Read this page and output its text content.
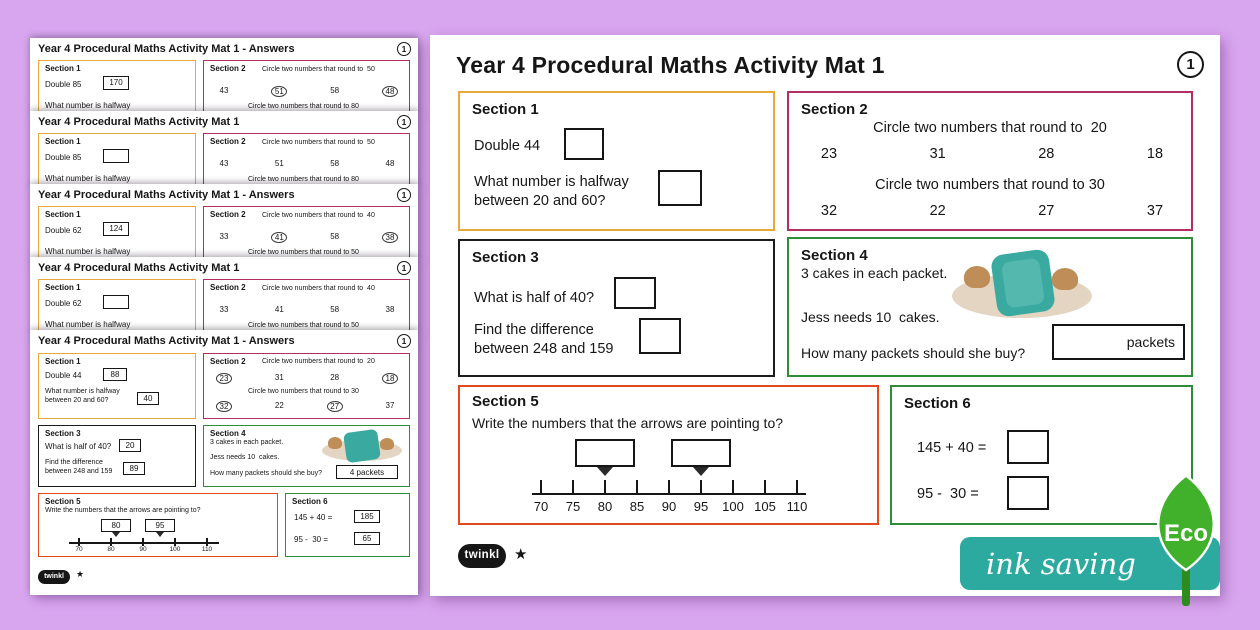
Year 4 Procedural Maths Activity Mat 1 - Answers	1
Section 1
Double 85	170
What number is halfway
Section 2 Circle two numbers that round to  50
43	51	58	48
Circle two numbers that round to 80
Year 4 Procedural Maths Activity Mat 1	1
Section 1
Double 85
What number is halfway
Section 2 Circle two numbers that round to  50
43	51	58	48
Circle two numbers that round to 80
Year 4 Procedural Maths Activity Mat 1 - Answers	1
Section 1
Double 62	124
What number is halfway
Section 2 Circle two numbers that round to  40
33	41	58	38
Circle two numbers that round to 50
Year 4 Procedural Maths Activity Mat 1	1
Section 1
Double 62
What number is halfway
Section 2 Circle two numbers that round to  40
33	41	58	38
Circle two numbers that round to 50
Year 4 Procedural Maths Activity Mat 1 - Answers	1
Section 1
Double 44	88
What number is halfway
between 20 and 60?	40
Section 2 Circle two numbers that round to  20
23	31	28	18
Circle two numbers that round to 30
32	22	27	37
Section 3
What is half of 40?	20
Find the difference
between 248 and 159	89
Section 4
3 cakes in each packet.
Jess needs 10  cakes.
How many packets should she buy?	4 packets
Section 5
Write the numbers that the arrows are pointing to?
80	95
70	80	90	100	110
Section 6
145 + 40 =	185
95 -  30 =	65
twinkl	★
Year 4 Procedural Maths Activity Mat 1	1
Section 1
Double 44
What number is halfway
between 20 and 60?
Section 2
Circle two numbers that round to  20
23	31	28	18
Circle two numbers that round to 30
32	22	27	37
Section 3
What is half of 40?
Find the difference
between 248 and 159
Section 4
3 cakes in each packet.
Jess needs 10  cakes.
How many packets should she buy?
packets
Section 5
Write the numbers that the arrows are pointing to?
70 75 80 85 90 95 100 105 110
Section 6
145 + 40 =
95 -  30 =
twinkl ★	ink saving
Eco
